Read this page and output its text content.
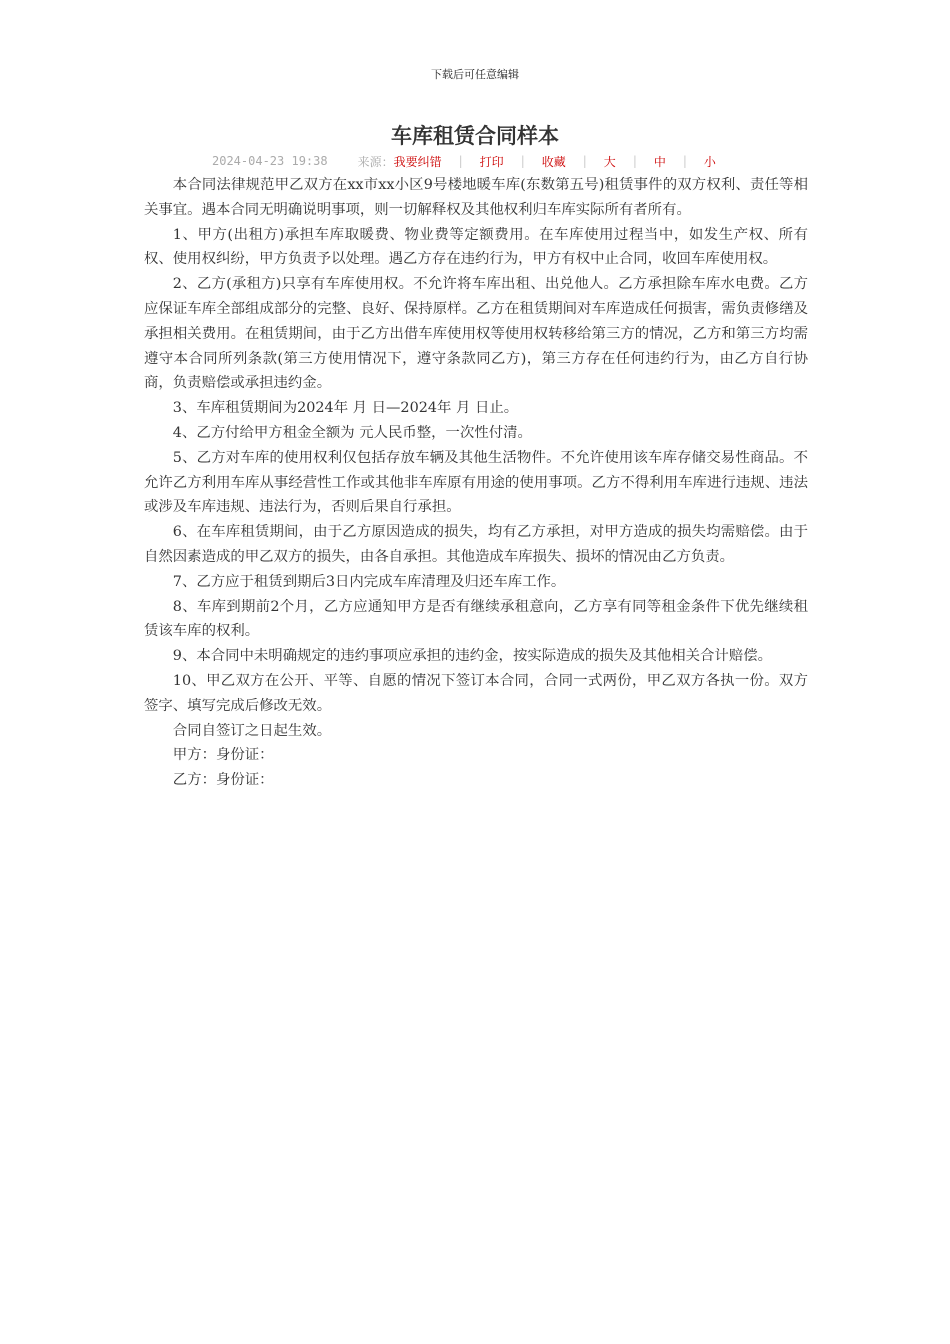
下载后可任意编辑
车库租赁合同样本
2024-04-23 19:38	来源： 我要纠错 | 打印 | 收藏 | 大 | 中 | 小

本合同法律规范甲乙双方在xx市xx小区9号楼地暖车库(东数第五号)租赁事件的双方权利、责任等相关事宜。遇本合同无明确说明事项，则一切解释权及其他权利归车库实际所有者所有。

1、甲方(出租方)承担车库取暖费、物业费等定额费用。在车库使用过程当中，如发生产权、所有权、使用权纠纷，甲方负责予以处理。遇乙方存在违约行为，甲方有权中止合同，收回车库使用权。

2、乙方(承租方)只享有车库使用权。不允许将车库出租、出兑他人。乙方承担除车库水电费。乙方应保证车库全部组成部分的完整、良好、保持原样。乙方在租赁期间对车库造成任何损害，需负责修缮及承担相关费用。在租赁期间，由于乙方出借车库使用权等使用权转移给第三方的情况，乙方和第三方均需遵守本合同所列条款(第三方使用情况下，遵守条款同乙方)，第三方存在任何违约行为，由乙方自行协商，负责赔偿或承担违约金。

3、车库租赁期间为2024年 月 日—2024年 月 日止。

4、乙方付给甲方租金全额为 元人民币整，一次性付清。

5、乙方对车库的使用权利仅包括存放车辆及其他生活物件。不允许使用该车库存储交易性商品。不允许乙方利用车库从事经营性工作或其他非车库原有用途的使用事项。乙方不得利用车库进行违规、违法或涉及车库违规、违法行为，否则后果自行承担。

6、在车库租赁期间，由于乙方原因造成的损失，均有乙方承担，对甲方造成的损失均需赔偿。由于自然因素造成的甲乙双方的损失，由各自承担。其他造成车库损失、损坏的情况由乙方负责。

7、乙方应于租赁到期后3日内完成车库清理及归还车库工作。

8、车库到期前2个月，乙方应通知甲方是否有继续承租意向，乙方享有同等租金条件下优先继续租赁该车库的权利。

9、本合同中未明确规定的违约事项应承担的违约金，按实际造成的损失及其他相关合计赔偿。

10、甲乙双方在公开、平等、自愿的情况下签订本合同，合同一式两份，甲乙双方各执一份。双方签字、填写完成后修改无效。

合同自签订之日起生效。

甲方：身份证：

乙方：身份证：
